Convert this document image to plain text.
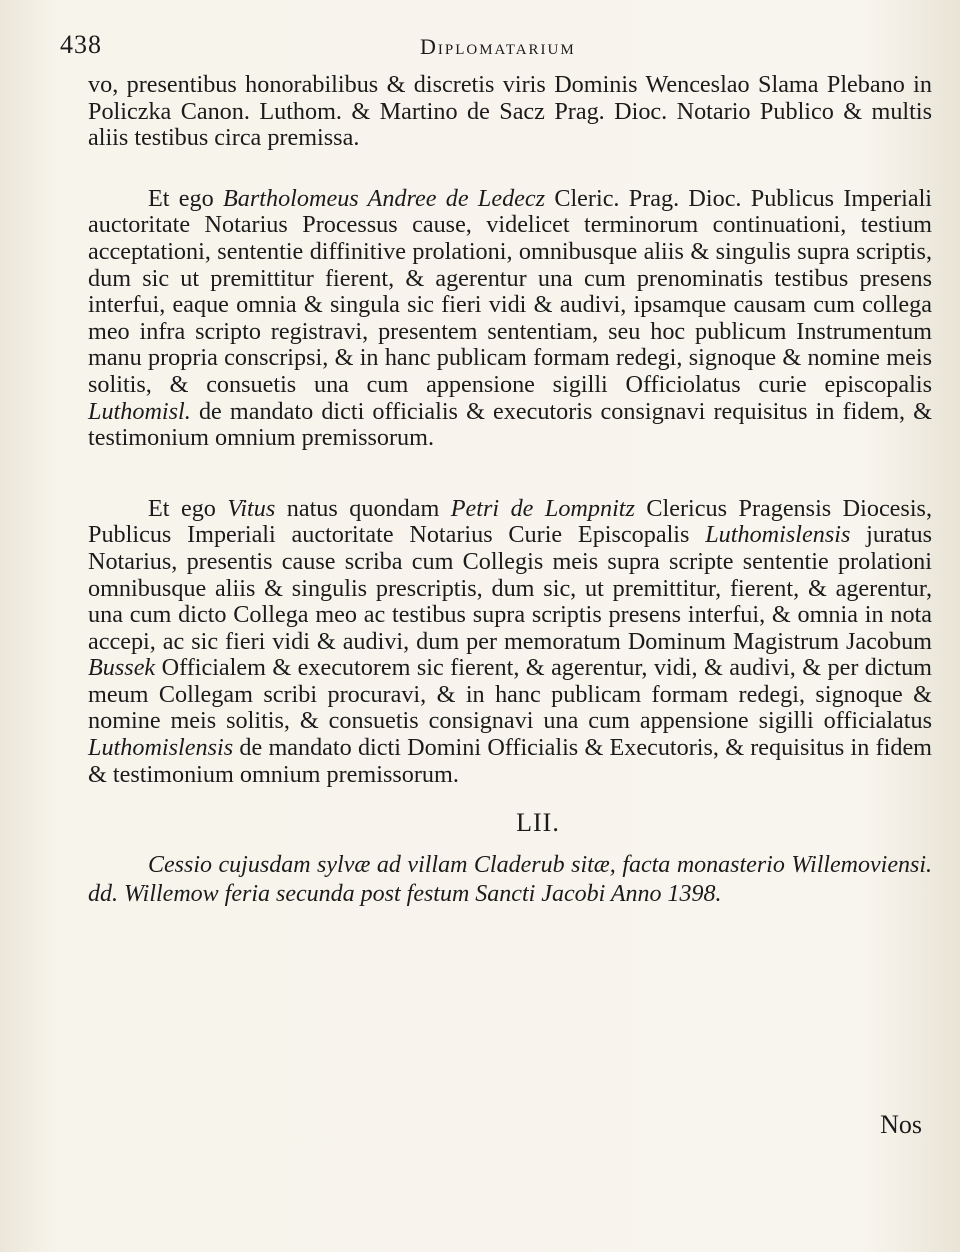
438	Diplomatarium

vo, presentibus honorabilibus & discretis viris Dominis Wenceslao Slama Plebano in Policzka Canon. Luthom. & Martino de Sacz Prag. Dioc. Notario Publico & multis aliis testibus circa premissa.

Et ego Bartholomeus Andree de Ledecz Cleric. Prag. Dioc. Publicus Imperiali auctoritate Notarius Processus cause, videlicet terminorum continuationi, testium acceptationi, sententie diffinitive prolationi, omnibusque aliis & singulis supra scriptis, dum sic ut premittitur fierent, & agerentur una cum prenominatis testibus presens interfui, eaque omnia & singula sic fieri vidi & audivi, ipsamque causam cum collega meo infra scripto registravi, presentem sententiam, seu hoc publicum Instrumentum manu propria conscripsi, & in hanc publicam formam redegi, signoque & nomine meis solitis, & consuetis una cum appensione sigilli Officiolatus curie episcopalis Luthomisl. de mandato dicti officialis & executoris consignavi requisitus in fidem, & testimonium omnium premissorum.

Et ego Vitus natus quondam Petri de Lompnitz Clericus Pragensis Diocesis, Publicus Imperiali auctoritate Notarius Curie Episcopalis Luthomislensis juratus Notarius, presentis cause scriba cum Collegis meis supra scripte sententie prolationi omnibusque aliis & singulis prescriptis, dum sic, ut premittitur, fierent, & agerentur, una cum dicto Collega meo ac testibus supra scriptis presens interfui, & omnia in nota accepi, ac sic fieri vidi & audivi, dum per memoratum Dominum Magistrum Jacobum Bussek Officialem & executorem sic fierent, & agerentur, vidi, & audivi, & per dictum meum Collegam scribi procuravi, & in hanc publicam formam redegi, signoque & nomine meis solitis, & consuetis consignavi una cum appensione sigilli officialatus Luthomislensis de mandato dicti Domini Officialis & Executoris, & requisitus in fidem & testimonium omnium premissorum.

LII.

Cessio cujusdam sylvæ ad villam Claderub sitæ, facta monasterio Willemoviensi. dd. Willemow feria secunda post festum Sancti Jacobi Anno 1398.

Nos
